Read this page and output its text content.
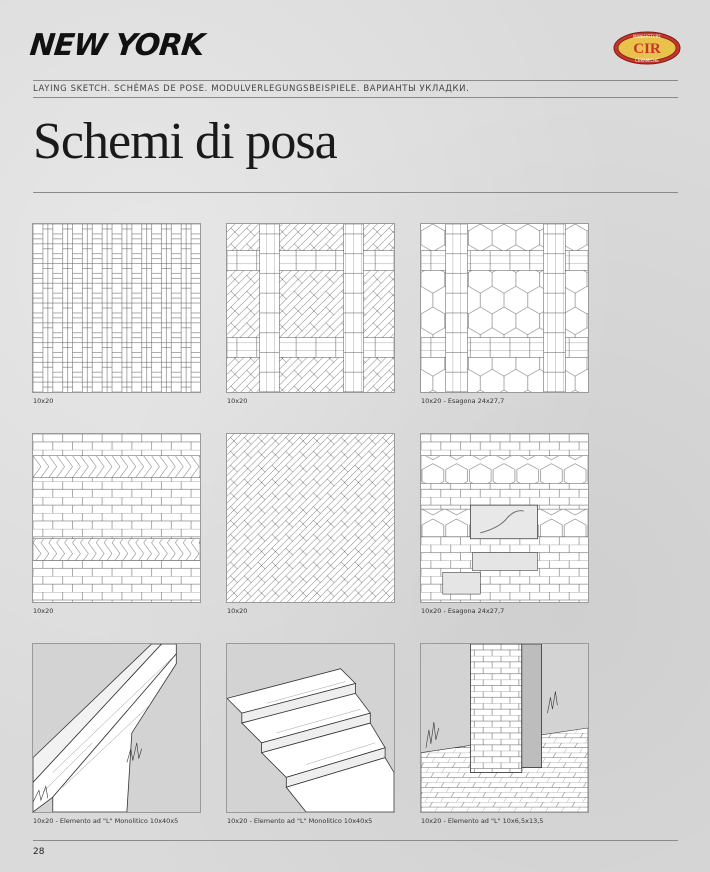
NEW YORK	CIR
MANIFATTURE
CERAMICHE
LAYING SKETCH. SCHÈMAS DE POSE. MODULVERLEGUNGSBEISPIELE. ВАРИАНТЫ УКЛАДКИ.
Schemi di posa
10x20	10x20	10x20 - Esagona 24x27,7
10x20	10x20	10x20 - Esagona 24x27,7
10x20 - Elemento ad "L" Monolitico 10x40x5	10x20 - Elemento ad "L" Monolitico 10x40x5	10x20 - Elemento ad "L" 10x6,5x13,5
28
